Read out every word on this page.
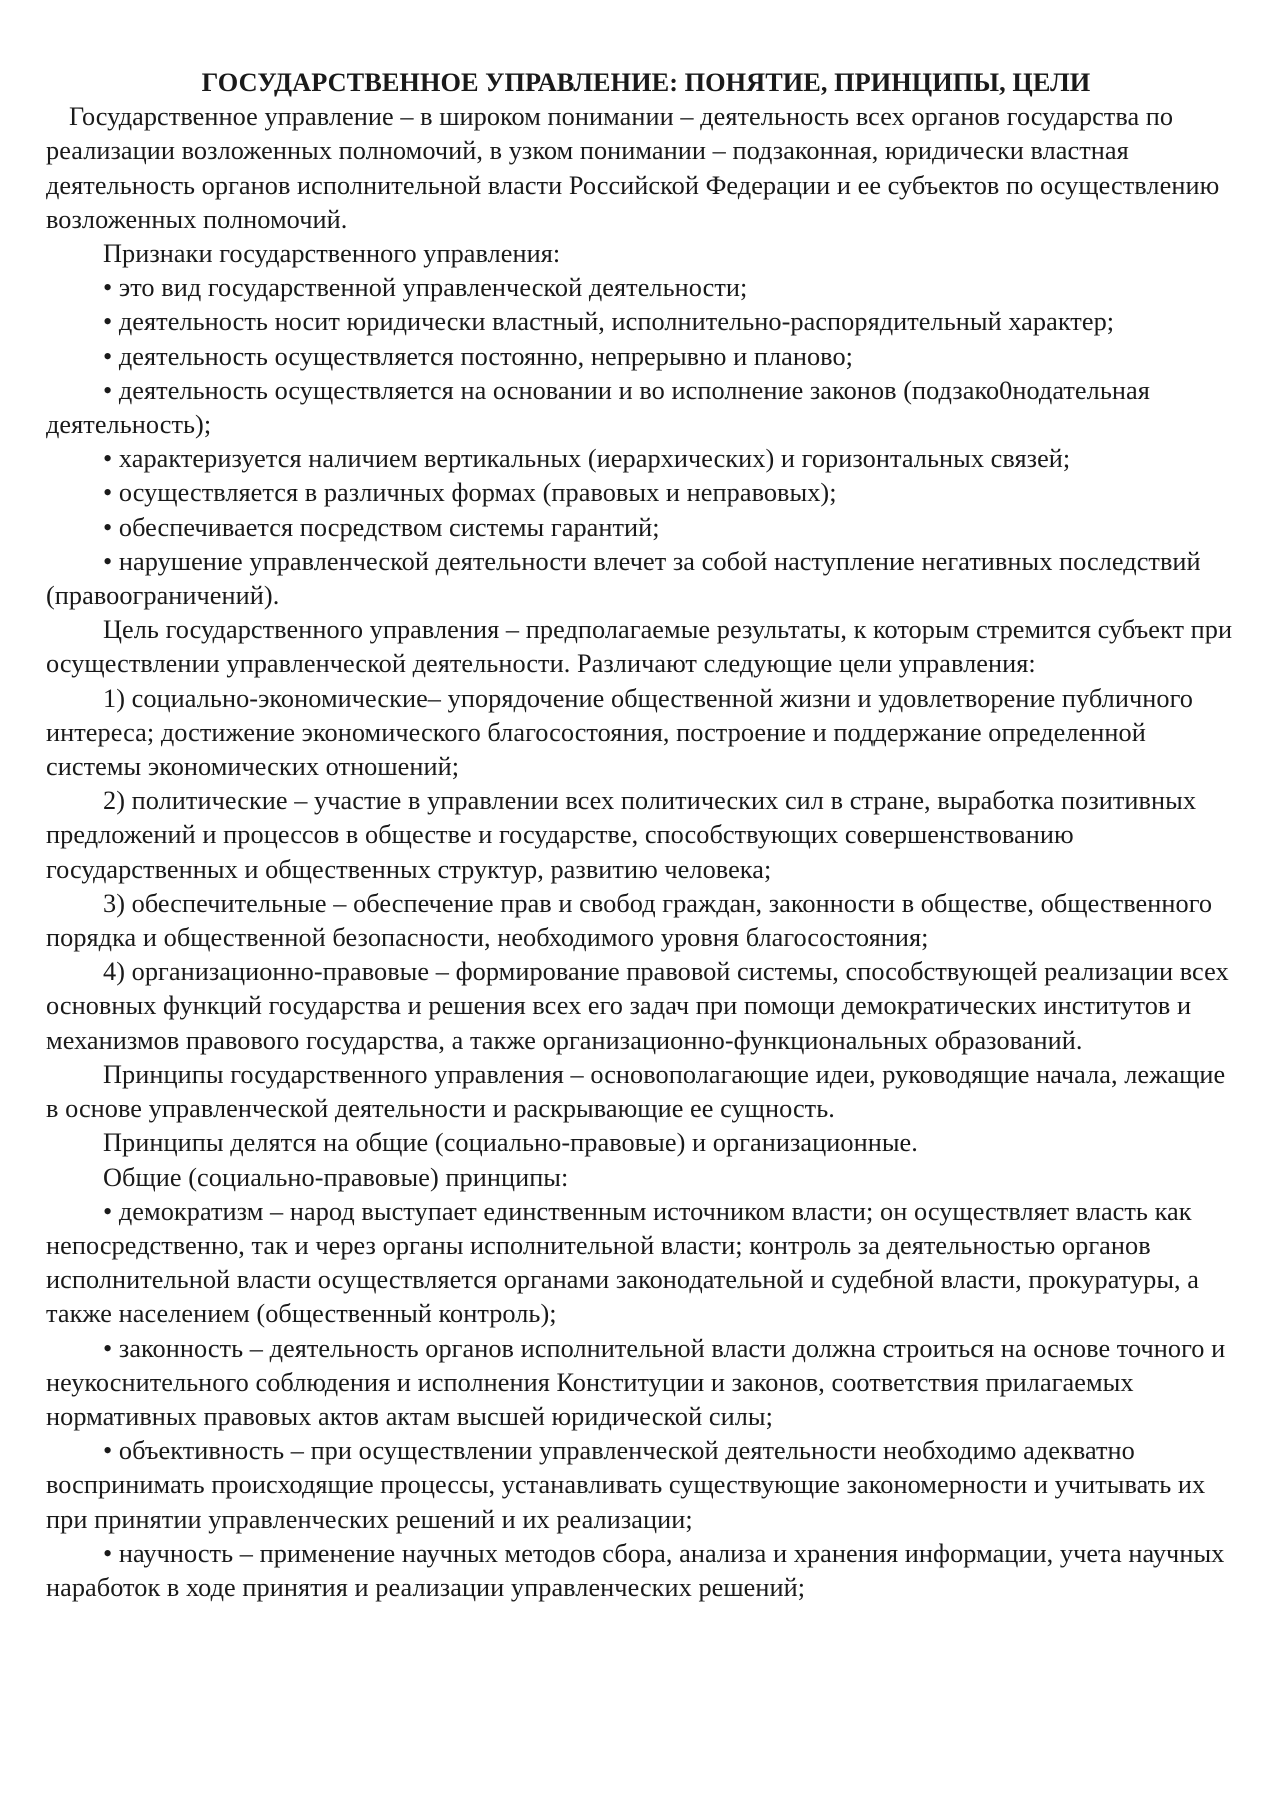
ГОСУДАРСТВЕННОЕ УПРАВЛЕНИЕ: ПОНЯТИЕ, ПРИНЦИПЫ, ЦЕЛИ

Государственное управление – в широком понимании – деятельность всех органов государства по реализации возложенных полномочий, в узком понимании – подзаконная, юридически властная деятельность органов исполнительной власти Российской Федерации и ее субъектов по осуществлению возложенных полномочий.

Признаки государственного управления:

• это вид государственной управленческой деятельности;

• деятельность носит юридически властный, исполнительно-распорядительный характер;

• деятельность осуществляется постоянно, непрерывно и планово;

• деятельность осуществляется на основании и во исполнение законов (подзако0нодательная деятельность);

• характеризуется наличием вертикальных (иерархических) и горизонтальных связей;

• осуществляется в различных формах (правовых и неправовых);

• обеспечивается посредством системы гарантий;

• нарушение управленческой деятельности влечет за собой наступление негативных последствий (правоограничений).

Цель государственного управления – предполагаемые результаты, к которым стремится субъект при осуществлении управленческой деятельности. Различают следующие цели управления:

1) социально-экономические– упорядочение общественной жизни и удовлетворение публичного интереса; достижение экономического благосостояния, построение и поддержание определенной системы экономических отношений;

2) политические – участие в управлении всех политических сил в стране, выработка позитивных предложений и процессов в обществе и государстве, способствующих совершенствованию государственных и общественных структур, развитию человека;

3) обеспечительные – обеспечение прав и свобод граждан, законности в обществе, общественного порядка и общественной безопасности, необходимого уровня благосостояния;

4) организационно-правовые – формирование правовой системы, способствующей реализации всех основных функций государства и решения всех его задач при помощи демократических институтов и механизмов правового государства, а также организационно-функциональных образований.

Принципы государственного управления – основополагающие идеи, руководящие начала, лежащие в основе управленческой деятельности и раскрывающие ее сущность.

Принципы делятся на общие (социально-правовые) и организационные.

Общие (социально-правовые) принципы:

• демократизм – народ выступает единственным источником власти; он осуществляет власть как непосредственно, так и через органы исполнительной власти; контроль за деятельностью органов исполнительной власти осуществляется органами законодательной и судебной власти, прокуратуры, а также населением (общественный контроль);

• законность – деятельность органов исполнительной власти должна строиться на основе точного и неукоснительного соблюдения и исполнения Конституции и законов, соответствия прилагаемых нормативных правовых актов актам высшей юридической силы;

• объективность – при осуществлении управленческой деятельности необходимо адекватно воспринимать происходящие процессы, устанавливать существующие закономерности и учитывать их при принятии управленческих решений и их реализации;

• научность – применение научных методов сбора, анализа и хранения информации, учета научных наработок в ходе принятия и реализации управленческих решений;
